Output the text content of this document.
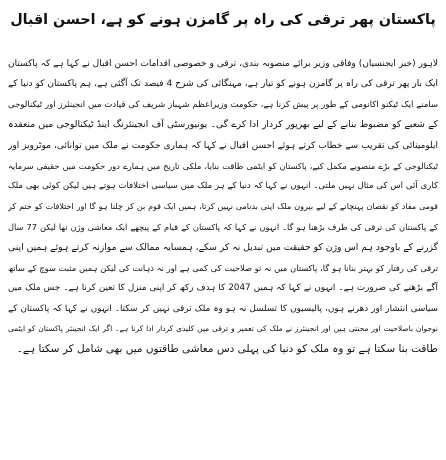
پاکستان پھر ترقی کی راہ پر گامزن ہونے کو ہے، احسن اقبال
لاہور (خبر ایجنسیاں) وفاقی وزیر برائے منصوبہ بندی، ترقی و خصوصی اقدامات احسن اقبال نے کہا ہے کہ پاکستان
ایک بار پھر ترقی کی راہ پر گامزن ہونے کو تیار ہے، مہنگائی کی شرح 4 فیصد تک آگئی ہے، ہم پاکستان کو دنیا کے
سامنے ایک ٹیکنو اکانومی کے طور پر پیش کرنا ہے، حکومت وزیراعظم شہباز شریف کی قیادت میں انجینئرز اور ٹیکنالوجی
کے شعبے کو مضبوط بنانے کے لیے بھرپور کردار ادا کرے گی۔ یونیورسٹی آف انجینئرنگ اینڈ ٹیکنالوجی میں منعقدہ
ایلومینائی کی تقریب سے خطاب کرتے ہوئے احسن اقبال نے کہا کہ ہماری حکومت نے ملک میں توانائی، موٹرویز اور
ٹیکنالوجی کے بڑے منصوبے مکمل کیے، پاکستان کو ایٹمی طاقت بنایا، ملکی تاریخ میں ہمارے دور حکومت میں حقیقی سرمایہ
کاری آئی اس کی مثال نہیں ملتی۔ انہوں نے کہا کہ دنیا کے ہر ملک میں سیاسی اختلافات ہوتے ہیں لیکن کوئی بھی ملک
قومی مفاد کو نقصان پہنچانے کے لیے بیرون ملک اپنی بدنامی نہیں کرتا، ہمیں ایک قوم بن کر چلنا ہو گا اور اختلافات کو ختم کر
کے پاکستان کی ترقی کی طرف بڑھنا ہو گا۔ انہوں نے کہا کہ پاکستان کے قیام کے پیچھے ایک معاشی وژن تھا لیکن 77 سال
گزرنے کے باوجود ہم اس وژن کو حقیقت میں تبدیل نہ کر سکے، ہمسایہ ممالک سے موازنہ کرتے ہوئے ہمیں اپنی
ترقی کی رفتار کو بہتر بنانا ہو گا، پاکستان میں نہ تو صلاحیت کی کمی ہے اور نہ ذہانت کی لیکن ہمیں مثبت سوچ کے ساتھ
آگے بڑھنے کی ضرورت ہے۔ انہوں نے کہا کہ ہمیں 2047 کا ہدف رکھ کر اپنی منزل کا تعین کرنا ہے۔ جس ملک میں
سیاسی انتشار اور دھرنے ہوں، پالیسیوں کا تسلسل نہ ہو وہ ملک ترقی نہیں کر سکتا۔ انہوں نے کہا کہ پاکستان کے
نوجوان باصلاحیت اور محنتی ہیں اور انجینئرز نے ملک کی تعمیر و ترقی میں کلیدی کردار ادا کرنا ہے۔ اگر ایک انجینئر پاکستان کو ایٹمی
طاقت بنا سکتا ہے تو وہ ملک کو دنیا کی پہلی دس معاشی طاقتوں میں بھی شامل کر سکتا ہے۔
